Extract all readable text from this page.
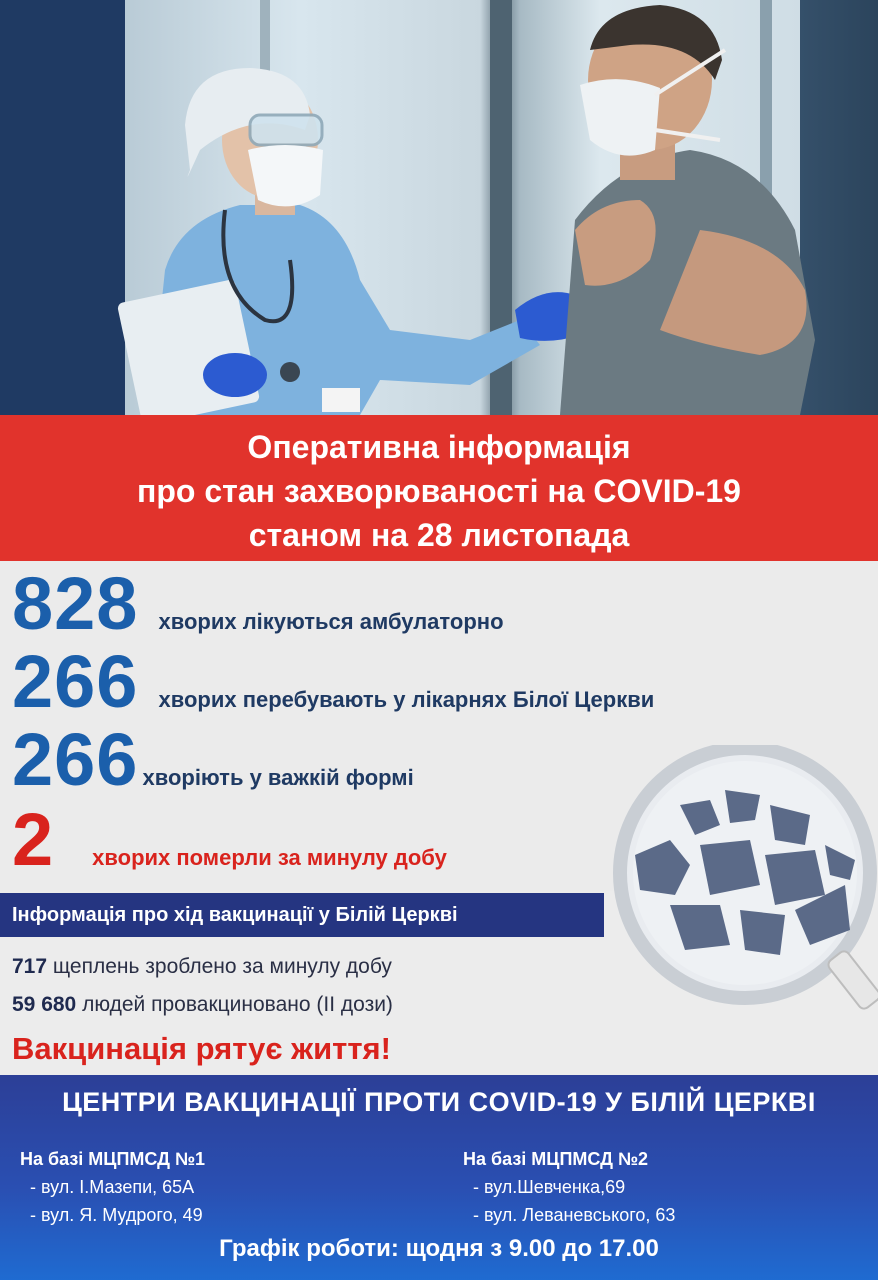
Оперативна інформація
про стан захворюваності на COVID-19
станом на 28 листопада
828 хворих лікуються амбулаторно
266 хворих перебувають у лікарнях Білої Церкви
266 хворіють у важкій формі
2 хворих померли за минулу добу
Інформація про хід вакцинації у Білій Церкві
717 щеплень зроблено за минулу добу
59 680 людей провакциновано (ІІ дози)
Вакцинація рятує життя!
ЦЕНТРИ ВАКЦИНАЦІЇ ПРОТИ COVID-19 У БІЛІЙ ЦЕРКВІ
На базі МЦПМСД №1
- вул. І.Мазепи, 65А
- вул. Я. Мудрого, 49
На базі МЦПМСД №2
- вул.Шевченка,69
- вул. Леваневського, 63
Графік роботи: щодня з 9.00 до 17.00
